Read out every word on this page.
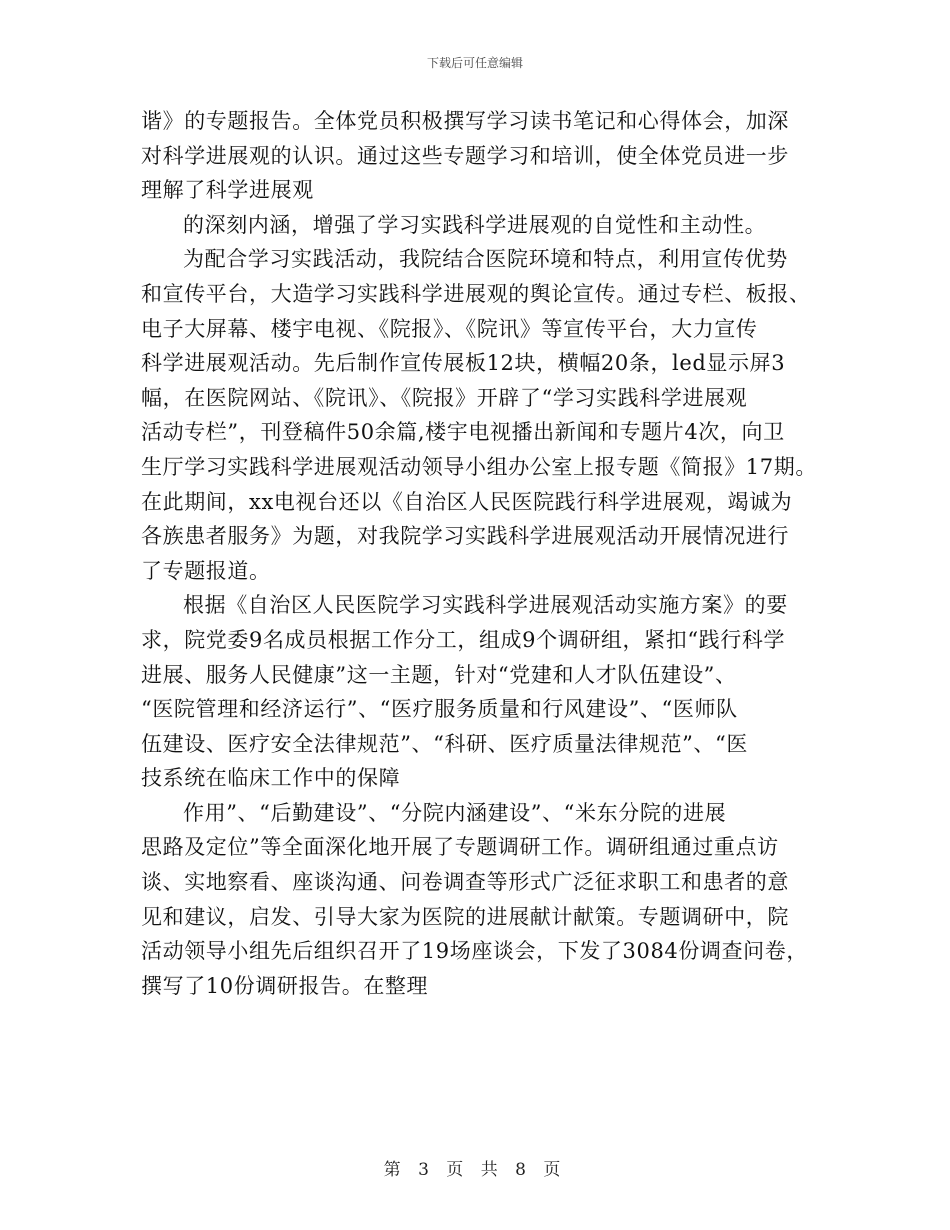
下载后可任意编辑
谐》的专题报告。全体党员积极撰写学习读书笔记和心得体会，加深
对科学进展观的认识。通过这些专题学习和培训，使全体党员进一步
理解了科学进展观
的深刻内涵，增强了学习实践科学进展观的自觉性和主动性。
为配合学习实践活动，我院结合医院环境和特点，利用宣传优势
和宣传平台，大造学习实践科学进展观的舆论宣传。通过专栏、板报、
电子大屏幕、楼宇电视、《院报》、《院讯》等宣传平台，大力宣传
科学进展观活动。先后制作宣传展板12块，横幅20条，led显示屏3
幅，在医院网站、《院讯》、《院报》开辟了“学习实践科学进展观
活动专栏”，刊登稿件50余篇,楼宇电视播出新闻和专题片4次，向卫
生厅学习实践科学进展观活动领导小组办公室上报专题《简报》17期。
在此期间，xx电视台还以《自治区人民医院践行科学进展观，竭诚为
各族患者服务》为题，对我院学习实践科学进展观活动开展情况进行
了专题报道。
根据《自治区人民医院学习实践科学进展观活动实施方案》的要
求，院党委9名成员根据工作分工，组成9个调研组，紧扣“践行科学
进展、服务人民健康”这一主题，针对“党建和人才队伍建设”、
“医院管理和经济运行”、“医疗服务质量和行风建设”、“医师队
伍建设、医疗安全法律规范”、“科研、医疗质量法律规范”、“医
技系统在临床工作中的保障
作用”、“后勤建设”、“分院内涵建设”、“米东分院的进展
思路及定位”等全面深化地开展了专题调研工作。调研组通过重点访
谈、实地察看、座谈沟通、问卷调查等形式广泛征求职工和患者的意
见和建议，启发、引导大家为医院的进展献计献策。专题调研中，院
活动领导小组先后组织召开了19场座谈会，下发了3084份调查问卷，
撰写了10份调研报告。在整理
第 3 页 共 8 页
